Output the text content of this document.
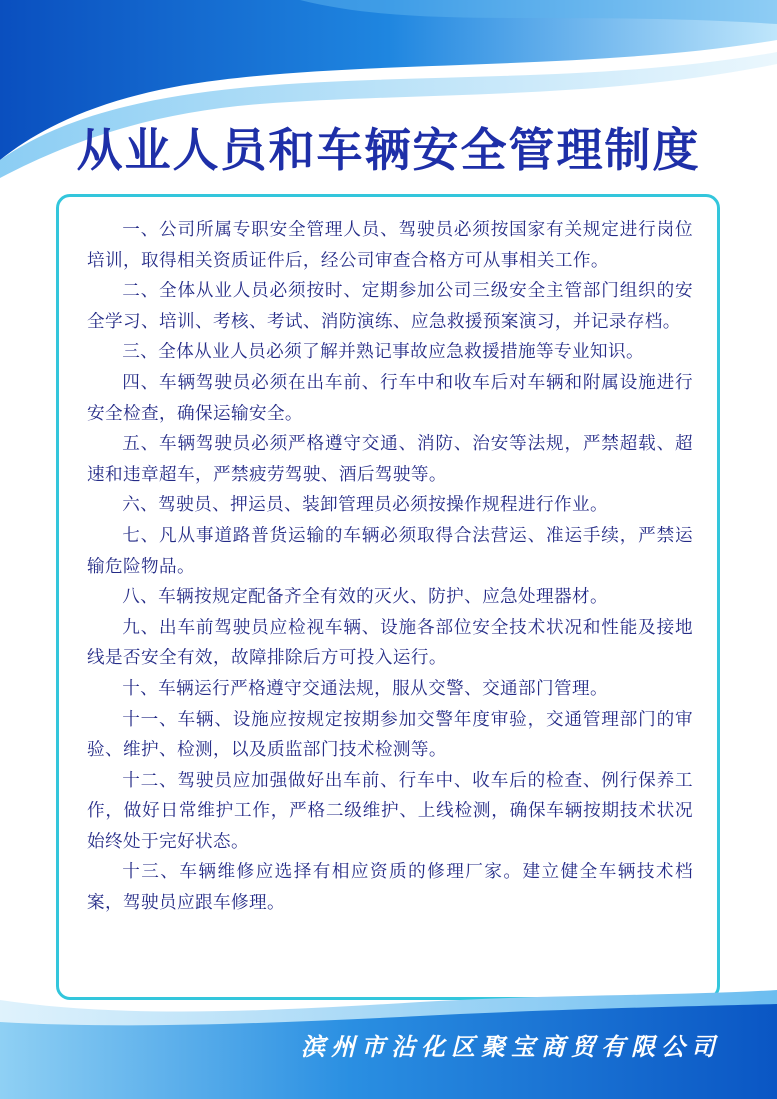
从业人员和车辆安全管理制度

一、公司所属专职安全管理人员、驾驶员必须按国家有关规定进行岗位培训，取得相关资质证件后，经公司审查合格方可从事相关工作。

二、全体从业人员必须按时、定期参加公司三级安全主管部门组织的安全学习、培训、考核、考试、消防演练、应急救援预案演习，并记录存档。

三、全体从业人员必须了解并熟记事故应急救援措施等专业知识。

四、车辆驾驶员必须在出车前、行车中和收车后对车辆和附属设施进行安全检查，确保运输安全。

五、车辆驾驶员必须严格遵守交通、消防、治安等法规，严禁超载、超速和违章超车，严禁疲劳驾驶、酒后驾驶等。

六、驾驶员、押运员、装卸管理员必须按操作规程进行作业。

七、凡从事道路普货运输的车辆必须取得合法营运、准运手续，严禁运输危险物品。

八、车辆按规定配备齐全有效的灭火、防护、应急处理器材。

九、出车前驾驶员应检视车辆、设施各部位安全技术状况和性能及接地线是否安全有效，故障排除后方可投入运行。

十、车辆运行严格遵守交通法规，服从交警、交通部门管理。

十一、车辆、设施应按规定按期参加交警年度审验，交通管理部门的审验、维护、检测，以及质监部门技术检测等。

十二、驾驶员应加强做好出车前、行车中、收车后的检查、例行保养工作，做好日常维护工作，严格二级维护、上线检测，确保车辆按期技术状况始终处于完好状态。

十三、车辆维修应选择有相应资质的修理厂家。建立健全车辆技术档案，驾驶员应跟车修理。

滨州市沾化区聚宝商贸有限公司
